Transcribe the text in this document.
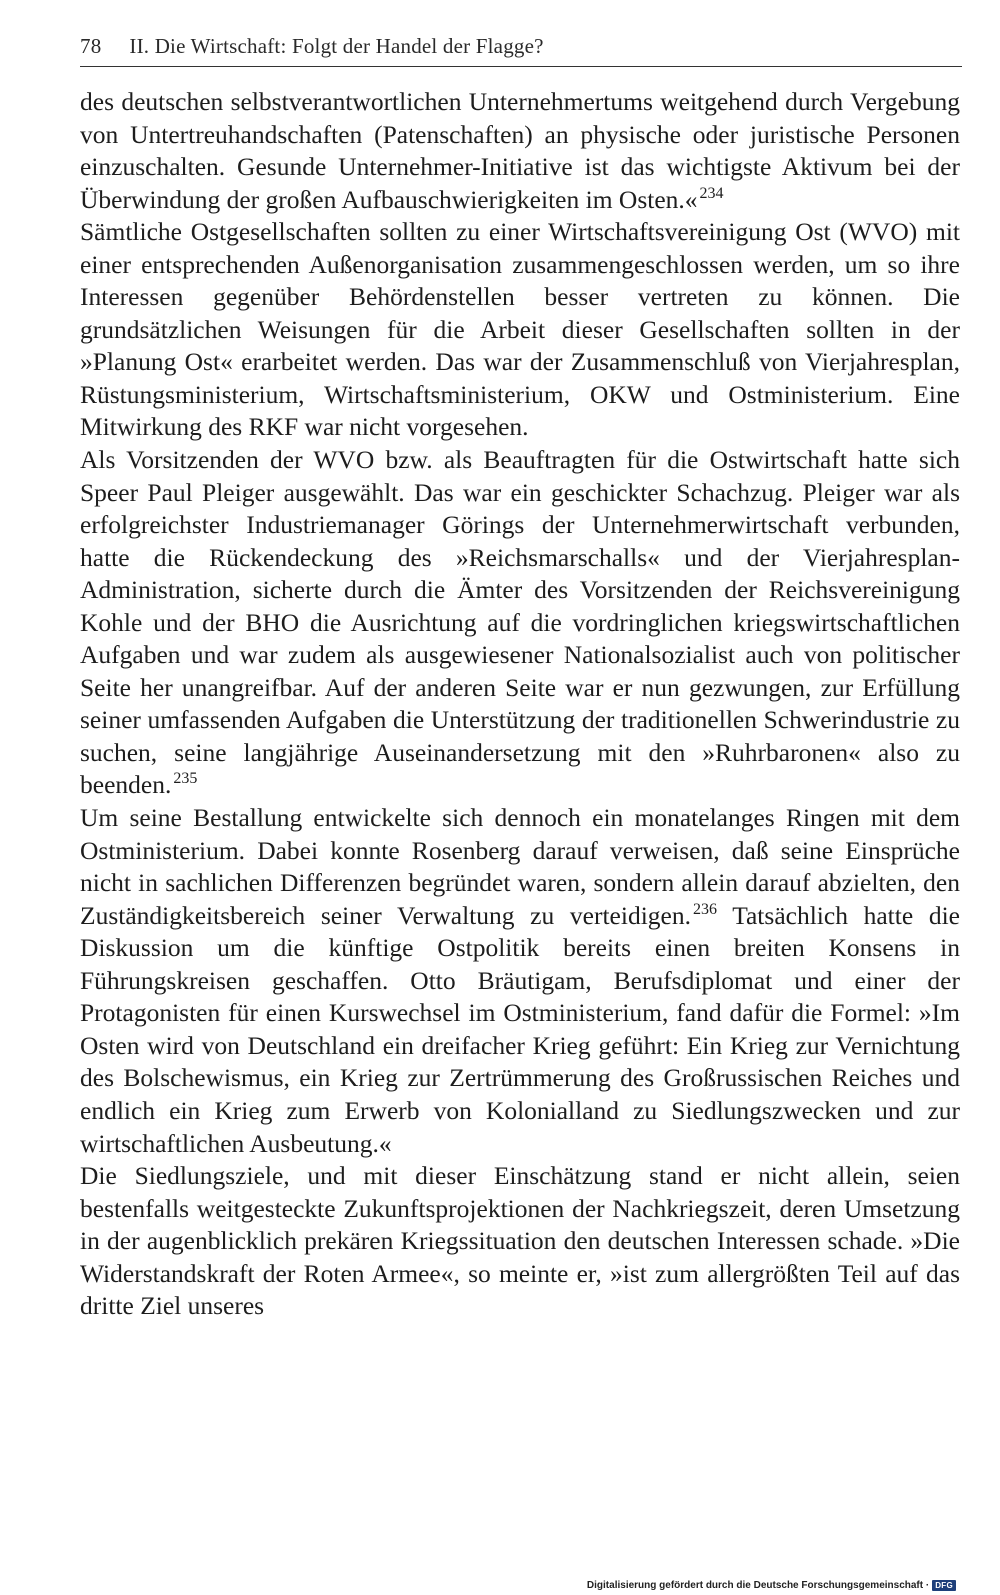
78 II. Die Wirtschaft: Folgt der Handel der Flagge?

des deutschen selbstverantwortlichen Unternehmertums weitgehend durch Vergebung von Untertreuhandschaften (Patenschaften) an physische oder juristische Personen einzuschalten. Gesunde Unternehmer-Initiative ist das wichtigste Aktivum bei der Überwindung der großen Aufbauschwierigkeiten im Osten.« $^{234}$

Sämtliche Ostgesellschaften sollten zu einer Wirtschaftsvereinigung Ost (WVO) mit einer entsprechenden Außenorganisation zusammengeschlossen werden, um so ihre Interessen gegenüber Behördenstellen besser vertreten zu können. Die grundsätzlichen Weisungen für die Arbeit dieser Gesellschaften sollten in der »Planung Ost« erarbeitet werden. Das war der Zusammenschluß von Vierjahresplan, Rüstungsministerium, Wirtschaftsministerium, OKW und Ostministerium. Eine Mitwirkung des RKF war nicht vorgesehen.

Als Vorsitzenden der WVO bzw. als Beauftragten für die Ostwirtschaft hatte sich Speer Paul Pleiger ausgewählt. Das war ein geschickter Schachzug. Pleiger war als erfolgreichster Industriemanager Görings der Unternehmerwirtschaft verbunden, hatte die Rückendeckung des »Reichsmarschalls« und der Vierjahresplan-Administration, sicherte durch die Ämter des Vorsitzenden der Reichsvereinigung Kohle und der BHO die Ausrichtung auf die vordringlichen kriegswirtschaftlichen Aufgaben und war zudem als ausgewiesener Nationalsozialist auch von politischer Seite her unangreifbar. Auf der anderen Seite war er nun gezwungen, zur Erfüllung seiner umfassenden Aufgaben die Unterstützung der traditionellen Schwerindustrie zu suchen, seine langjährige Auseinandersetzung mit den »Ruhrbaronen« also zu beenden. $^{235}$

Um seine Bestallung entwickelte sich dennoch ein monatelanges Ringen mit dem Ostministerium. Dabei konnte Rosenberg darauf verweisen, daß seine Einsprüche nicht in sachlichen Differenzen begründet waren, sondern allein darauf abzielten, den Zuständigkeitsbereich seiner Verwaltung zu verteidigen. $^{236}$ Tatsächlich hatte die Diskussion um die künftige Ostpolitik bereits einen breiten Konsens in Führungskreisen geschaffen. Otto Bräutigam, Berufsdiplomat und einer der Protagonisten für einen Kurswechsel im Ostministerium, fand dafür die Formel: »Im Osten wird von Deutschland ein dreifacher Krieg geführt: Ein Krieg zur Vernichtung des Bolschewismus, ein Krieg zur Zertrümmerung des Großrussischen Reiches und endlich ein Krieg zum Erwerb von Kolonialland zu Siedlungszwecken und zur wirtschaftlichen Ausbeutung.«

Die Siedlungsziele, und mit dieser Einschätzung stand er nicht allein, seien bestenfalls weitgesteckte Zukunftsprojektionen der Nachkriegszeit, deren Umsetzung in der augenblicklich prekären Kriegssituation den deutschen Interessen schade. »Die Widerstandskraft der Roten Armee«, so meinte er, »ist zum allergrößten Teil auf das dritte Ziel unseres

Digitalisierung gefördert durch die Deutsche Forschungsgemeinschaft · DFG
